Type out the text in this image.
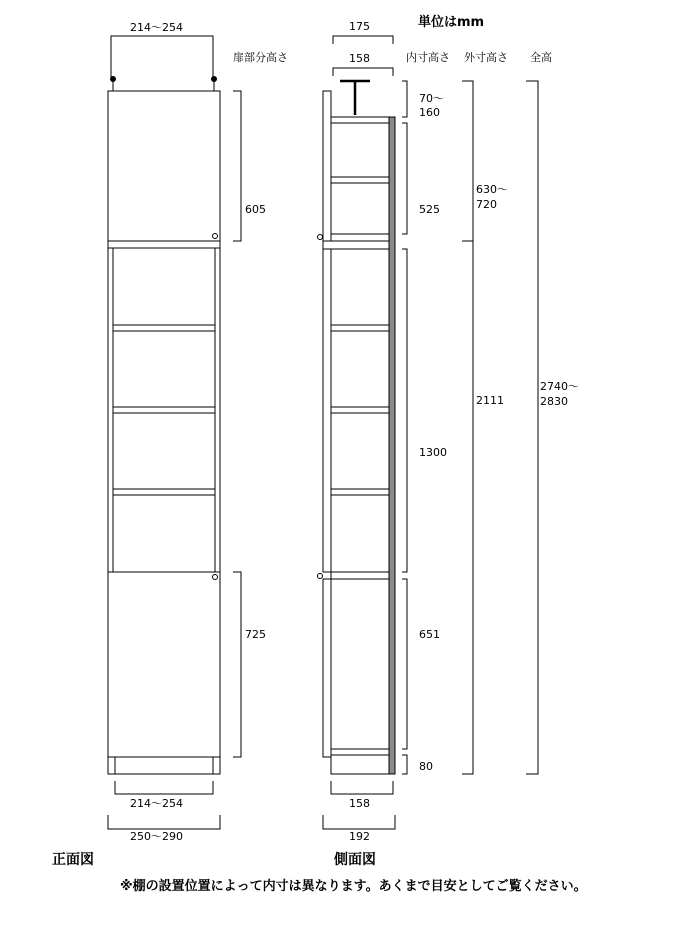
扉部分高さ
単位はmm
内寸高さ 外寸高さ 全高
214～254
605
725
214～254
250～290
正面図
175
158
70～
160
525
1300
651
80
630～
720
2111
2740～
2830
158
192
側面図
※棚の設置位置によって内寸は異なります。あくまで目安としてご覧ください。
